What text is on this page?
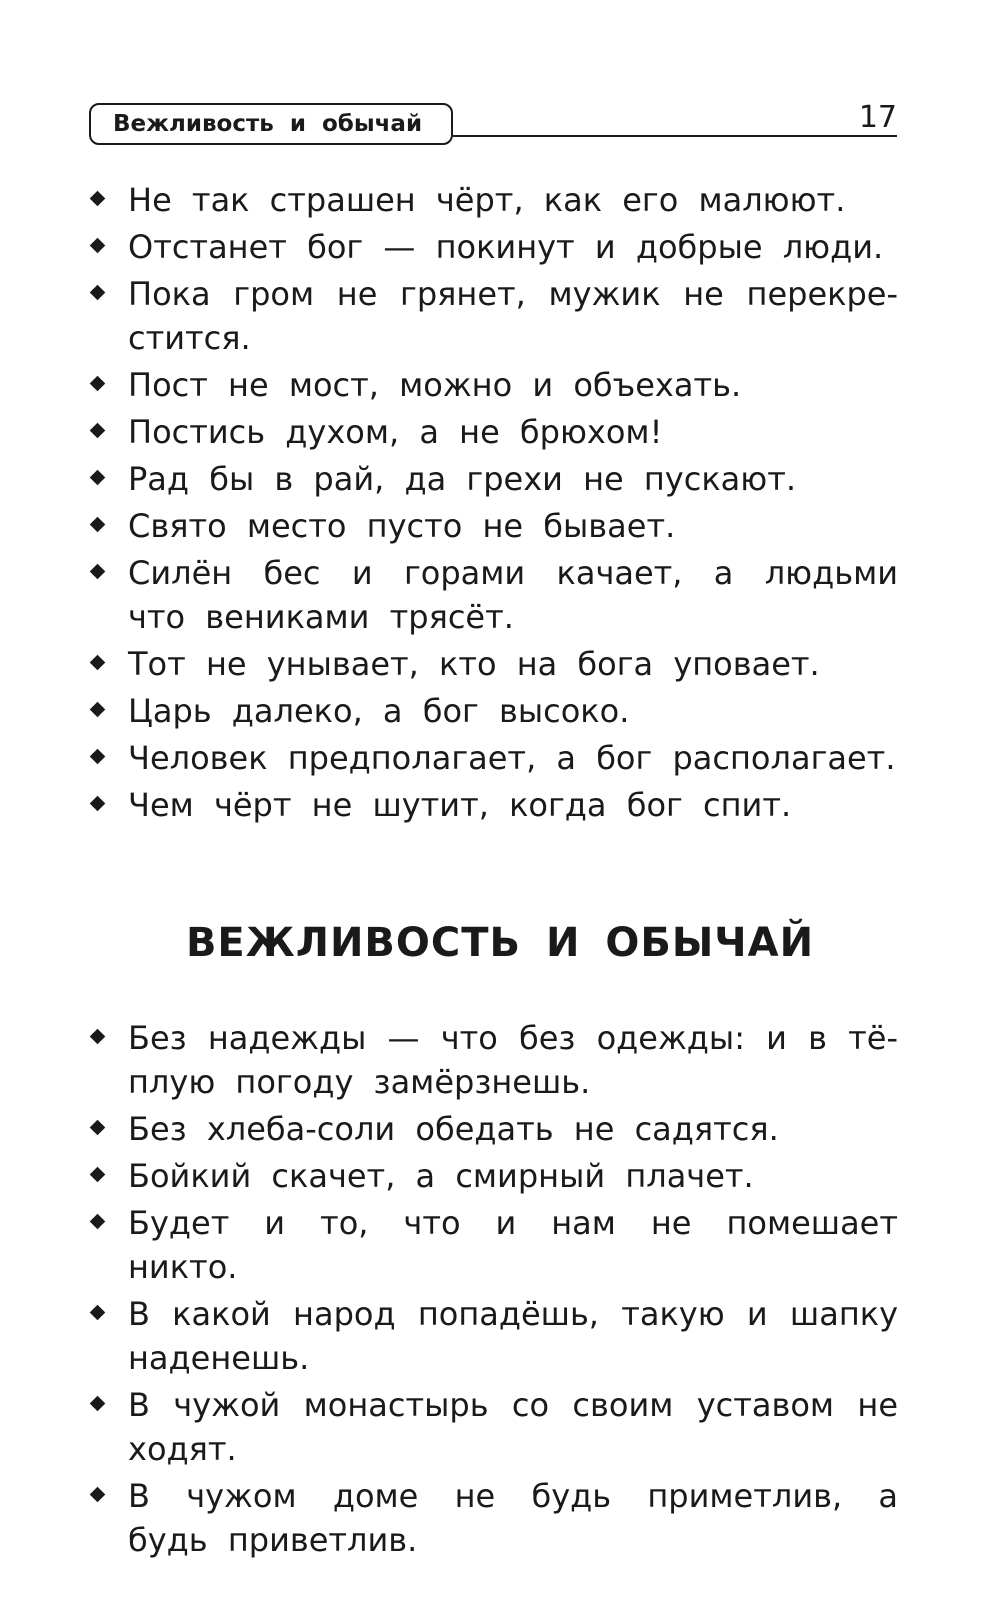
Вежливость и обычай	17
Не так страшен чёрт, как его малюют.
Отстанет бог — покинут и добрые люди.
Пока гром не грянет, мужик не перекре-стится.
Пост не мост, можно и объехать.
Постись духом, а не брюхом!
Рад бы в рай, да грехи не пускают.
Свято место пусто не бывает.
Силён бес и горами качает, а людьми что вениками трясёт.
Тот не унывает, кто на бога уповает.
Царь далеко, а бог высоко.
Человек предполагает, а бог располагает.
Чем чёрт не шутит, когда бог спит.
ВЕЖЛИВОСТЬ И ОБЫЧАЙ
Без надежды — что без одежды: и в тё-плую погоду замёрзнешь.
Без хлеба-соли обедать не садятся.
Бойкий скачет, а смирный плачет.
Будет и то, что и нам не помешает никто.
В какой народ попадёшь, такую и шапку наденешь.
В чужой монастырь со своим уставом не ходят.
В чужом доме не будь приметлив, а будь приветлив.
